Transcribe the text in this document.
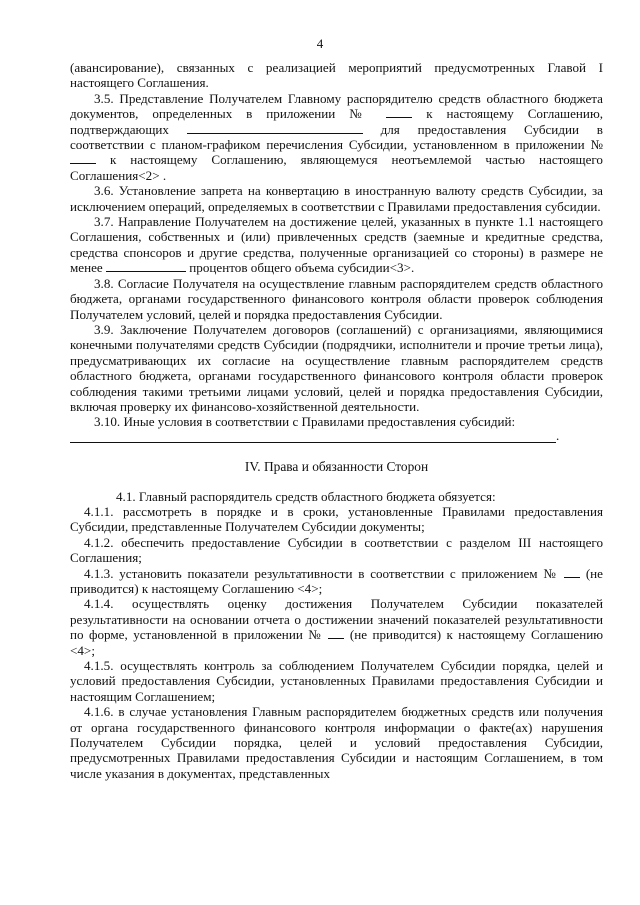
4

(авансирование), связанных с реализацией мероприятий предусмотренных Главой I настоящего Соглашения.

3.5. Представление Получателем Главному распорядителю средств областного бюджета документов, определенных в приложении №	к настоящему Соглашению, подтверждающих	для предоставления Субсидии в соответствии с планом-графиком перечисления Субсидии, установленном в приложении №  к настоящему Соглашению, являющемуся неотъемлемой частью настоящего Соглашения<2> .

3.6. Установление запрета на конвертацию в иностранную валюту средств Субсидии, за исключением операций, определяемых в соответствии с Правилами предоставления субсидии.

3.7. Направление Получателем на достижение целей, указанных в пункте 1.1 настоящего Соглашения, собственных и (или) привлеченных средств (заемные и кредитные средства, средства спонсоров и другие средства, полученные организацией со стороны) в размере не менее	процентов общего объема субсидии<3>.

3.8. Согласие Получателя на осуществление главным распорядителем средств областного бюджета, органами государственного финансового контроля области проверок соблюдения Получателем условий, целей и порядка предоставления Субсидии.

3.9. Заключение Получателем договоров (соглашений) с организациями, являющимися конечными получателями средств Субсидии (подрядчики, исполнители и прочие третьи лица), предусматривающих их согласие на осуществление главным распорядителем средств областного бюджета, органами государственного финансового контроля области проверок соблюдения такими третьими лицами условий, целей и порядка предоставления Субсидии, включая проверку их финансово-хозяйственной деятельности.

3.10. Иные условия в соответствии с Правилами предоставления субсидий:

.
IV. Права и обязанности Сторон

4.1. Главный распорядитель средств областного бюджета обязуется:

4.1.1. рассмотреть в порядке и в сроки, установленные Правилами предоставления Субсидии, представленные Получателем Субсидии документы;

4.1.2. обеспечить предоставление Субсидии в соответствии с разделом III настоящего Соглашения;

4.1.3. установить показатели результативности в соответствии с приложением № (не приводится) к настоящему Соглашению <4>;

4.1.4. осуществлять оценку достижения Получателем Субсидии показателей результативности на основании отчета о достижении значений показателей результативности по форме, установленной в приложении № (не приводится) к настоящему Соглашению <4>;

4.1.5. осуществлять контроль за соблюдением Получателем Субсидии порядка, целей и условий предоставления Субсидии, установленных Правилами предоставления Субсидии и настоящим Соглашением;

4.1.6. в случае установления Главным распорядителем бюджетных средств или получения от органа государственного финансового контроля информации о факте(ах) нарушения Получателем Субсидии порядка, целей и условий предоставления Субсидии, предусмотренных Правилами предоставления Субсидии и настоящим Соглашением, в том числе указания в документах, представленных
